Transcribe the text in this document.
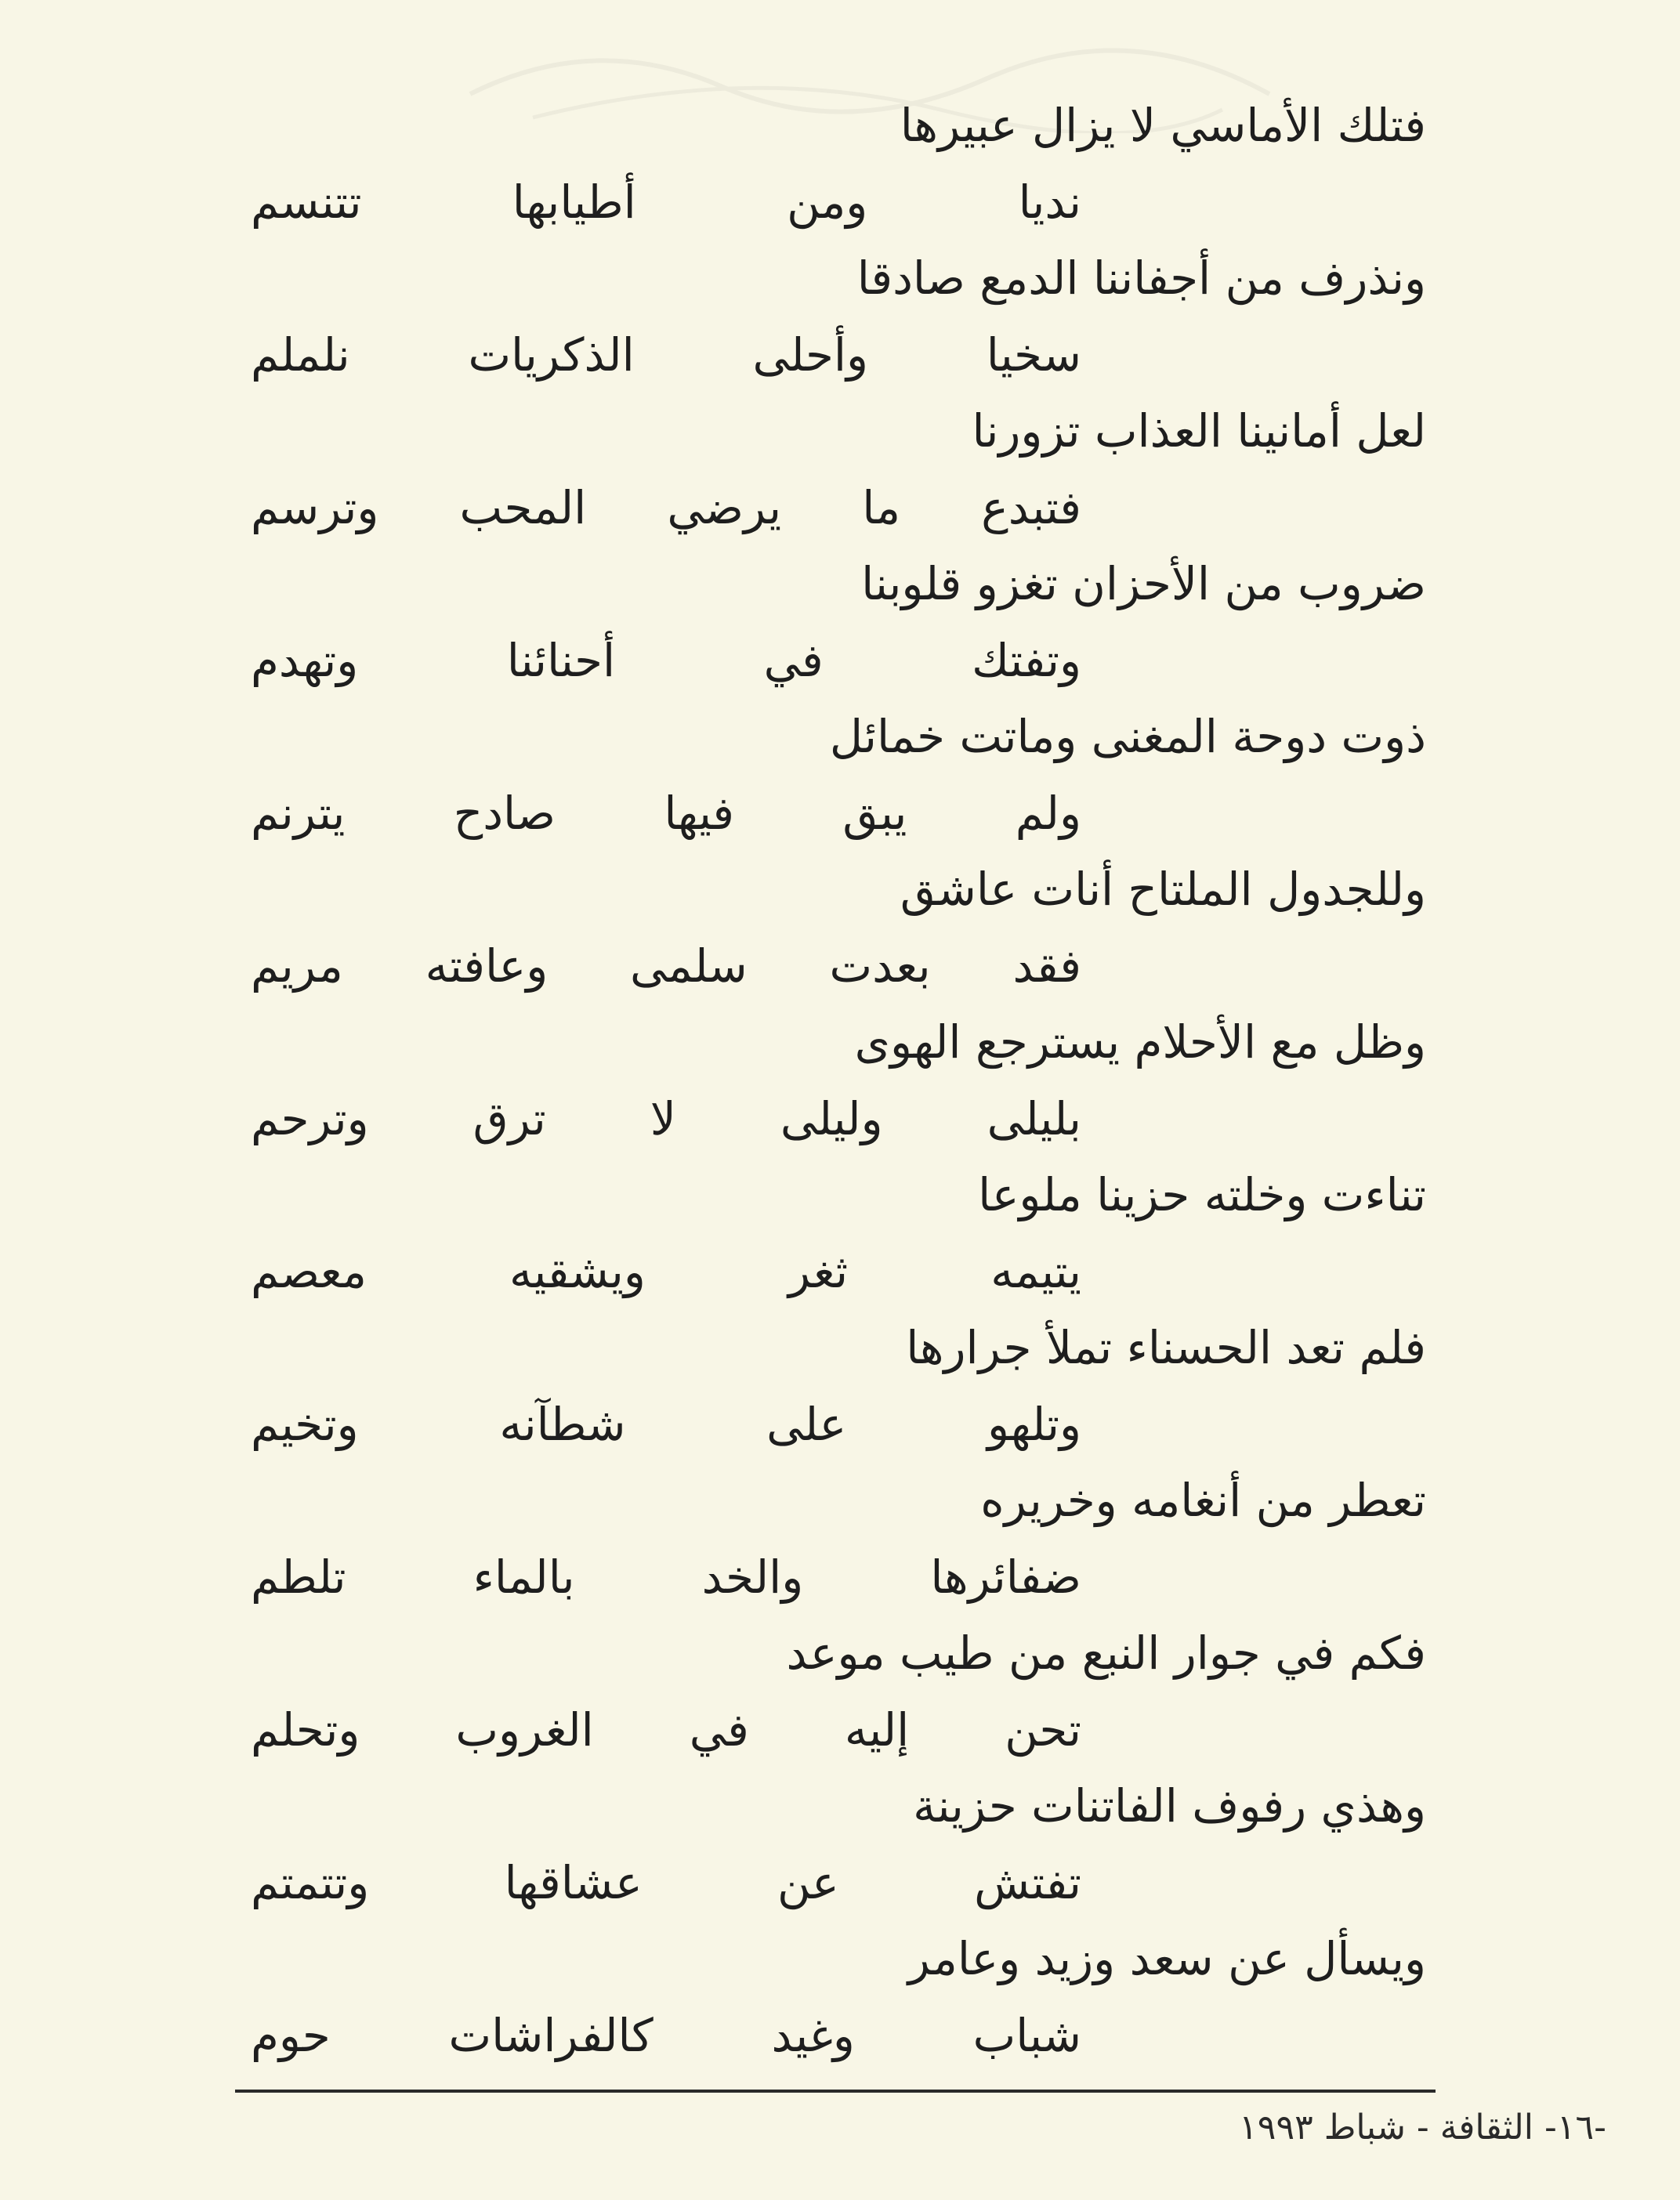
فتلك الأماسي لا يزال عبيرها
نديا ومن أطيابها تتنسم
ونذرف من أجفاننا الدمع صادقا
سخيا وأحلى الذكريات نلملم
لعل أمانينا العذاب تزورنا
فتبدع ما يرضي المحب وترسم
ضروب من الأحزان تغزو قلوبنا
وتفتك في أحنائنا وتهدم
ذوت دوحة المغنى وماتت خمائل
ولم يبق فيها صادح يترنم
وللجدول الملتاح أنات عاشق
فقد بعدت سلمى وعافته مريم
وظل مع الأحلام يسترجع الهوى
بليلى وليلى لا ترق وترحم
تناءت وخلته حزينا ملوعا
يتيمه ثغر ويشقيه معصم
فلم تعد الحسناء تملأ جرارها
وتلهو على شطآنه وتخيم
تعطر من أنغامه وخريره
ضفائرها والخد بالماء تلطم
فكم في جوار النبع من طيب موعد
تحن إليه في الغروب وتحلم
وهذي رفوف الفاتنات حزينة
تفتش عن عشاقها وتتمتم
ويسأل عن سعد وزيد وعامر
شباب وغيد كالفراشات حوم
-١٦- الثقافة - شباط ١٩٩٣
